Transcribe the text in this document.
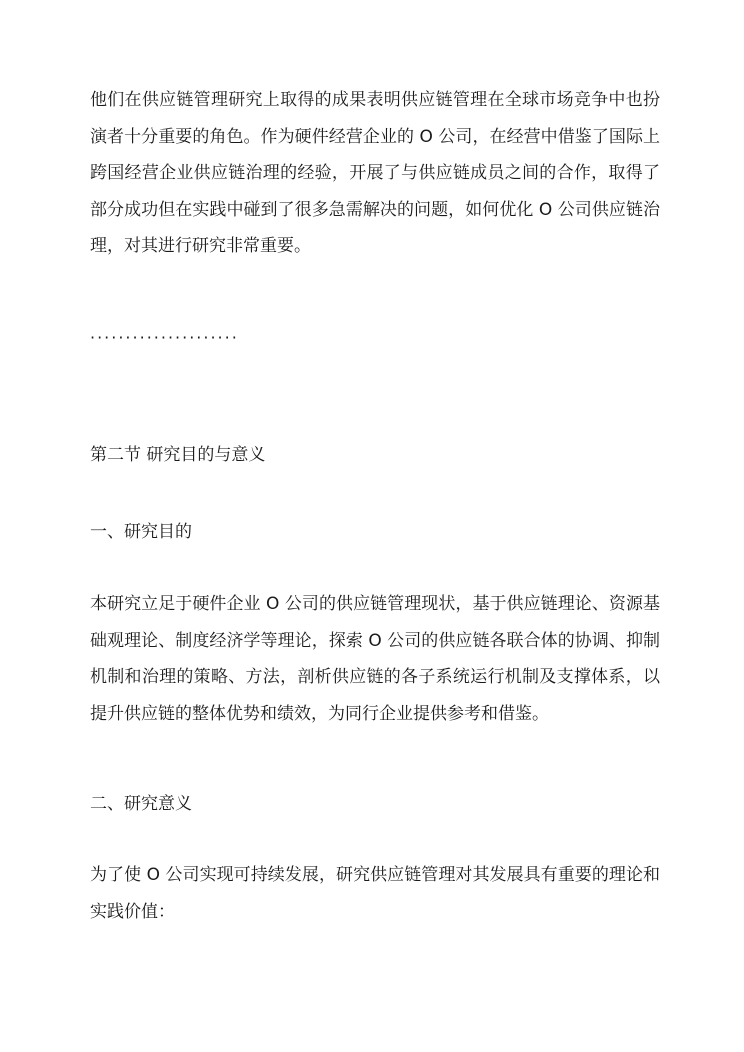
他们在供应链管理研究上取得的成果表明供应链管理在全球市场竞争中也扮演者十分重要的角色。作为硬件经营企业的 O 公司，在经营中借鉴了国际上跨国经营企业供应链治理的经验，开展了与供应链成员之间的合作，取得了部分成功但在实践中碰到了很多急需解决的问题，如何优化 O 公司供应链治理，对其进行研究非常重要。

·····················

第二节 研究目的与意义

一、研究目的

本研究立足于硬件企业 O 公司的供应链管理现状，基于供应链理论、资源基础观理论、制度经济学等理论，探索 O 公司的供应链各联合体的协调、抑制机制和治理的策略、方法，剖析供应链的各子系统运行机制及支撑体系，以提升供应链的整体优势和绩效，为同行企业提供参考和借鉴。

二、研究意义

为了使 O 公司实现可持续发展，研究供应链管理对其发展具有重要的理论和实践价值：
